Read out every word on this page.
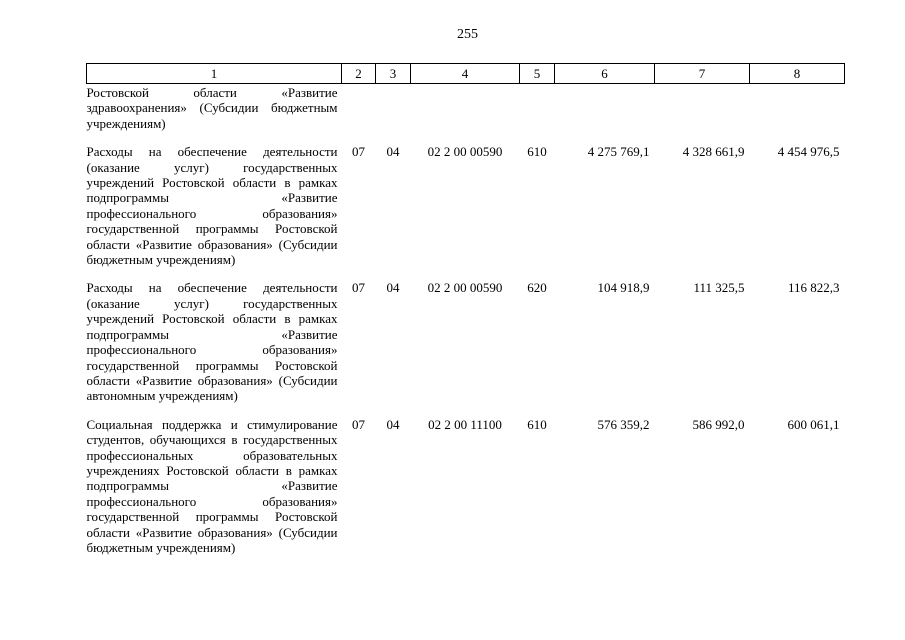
255
1	2	3	4	5	6	7	8
Ростовской области «Развитие здравоохранения» (Субсидии бюджетным учреждениям)							
Расходы на обеспечение деятельности (оказание услуг) государственных учреждений Ростовской области в рамках подпрограммы «Развитие профессионального образования» государственной программы Ростовской области «Развитие образования» (Субсидии бюджетным учреждениям)	07	04	02 2 00 00590	610	4 275 769,1	4 328 661,9	4 454 976,5
Расходы на обеспечение деятельности (оказание услуг) государственных учреждений Ростовской области в рамках подпрограммы «Развитие профессионального образования» государственной программы Ростовской области «Развитие образования» (Субсидии автономным учреждениям)	07	04	02 2 00 00590	620	104 918,9	111 325,5	116 822,3
Социальная поддержка и стимулирование студентов, обучающихся в государственных профессиональных образовательных учреждениях Ростовской области в рамках подпрограммы «Развитие профессионального образования» государственной программы Ростовской области «Развитие образования» (Субсидии бюджетным учреждениям)	07	04	02 2 00 11100	610	576 359,2	586 992,0	600 061,1
